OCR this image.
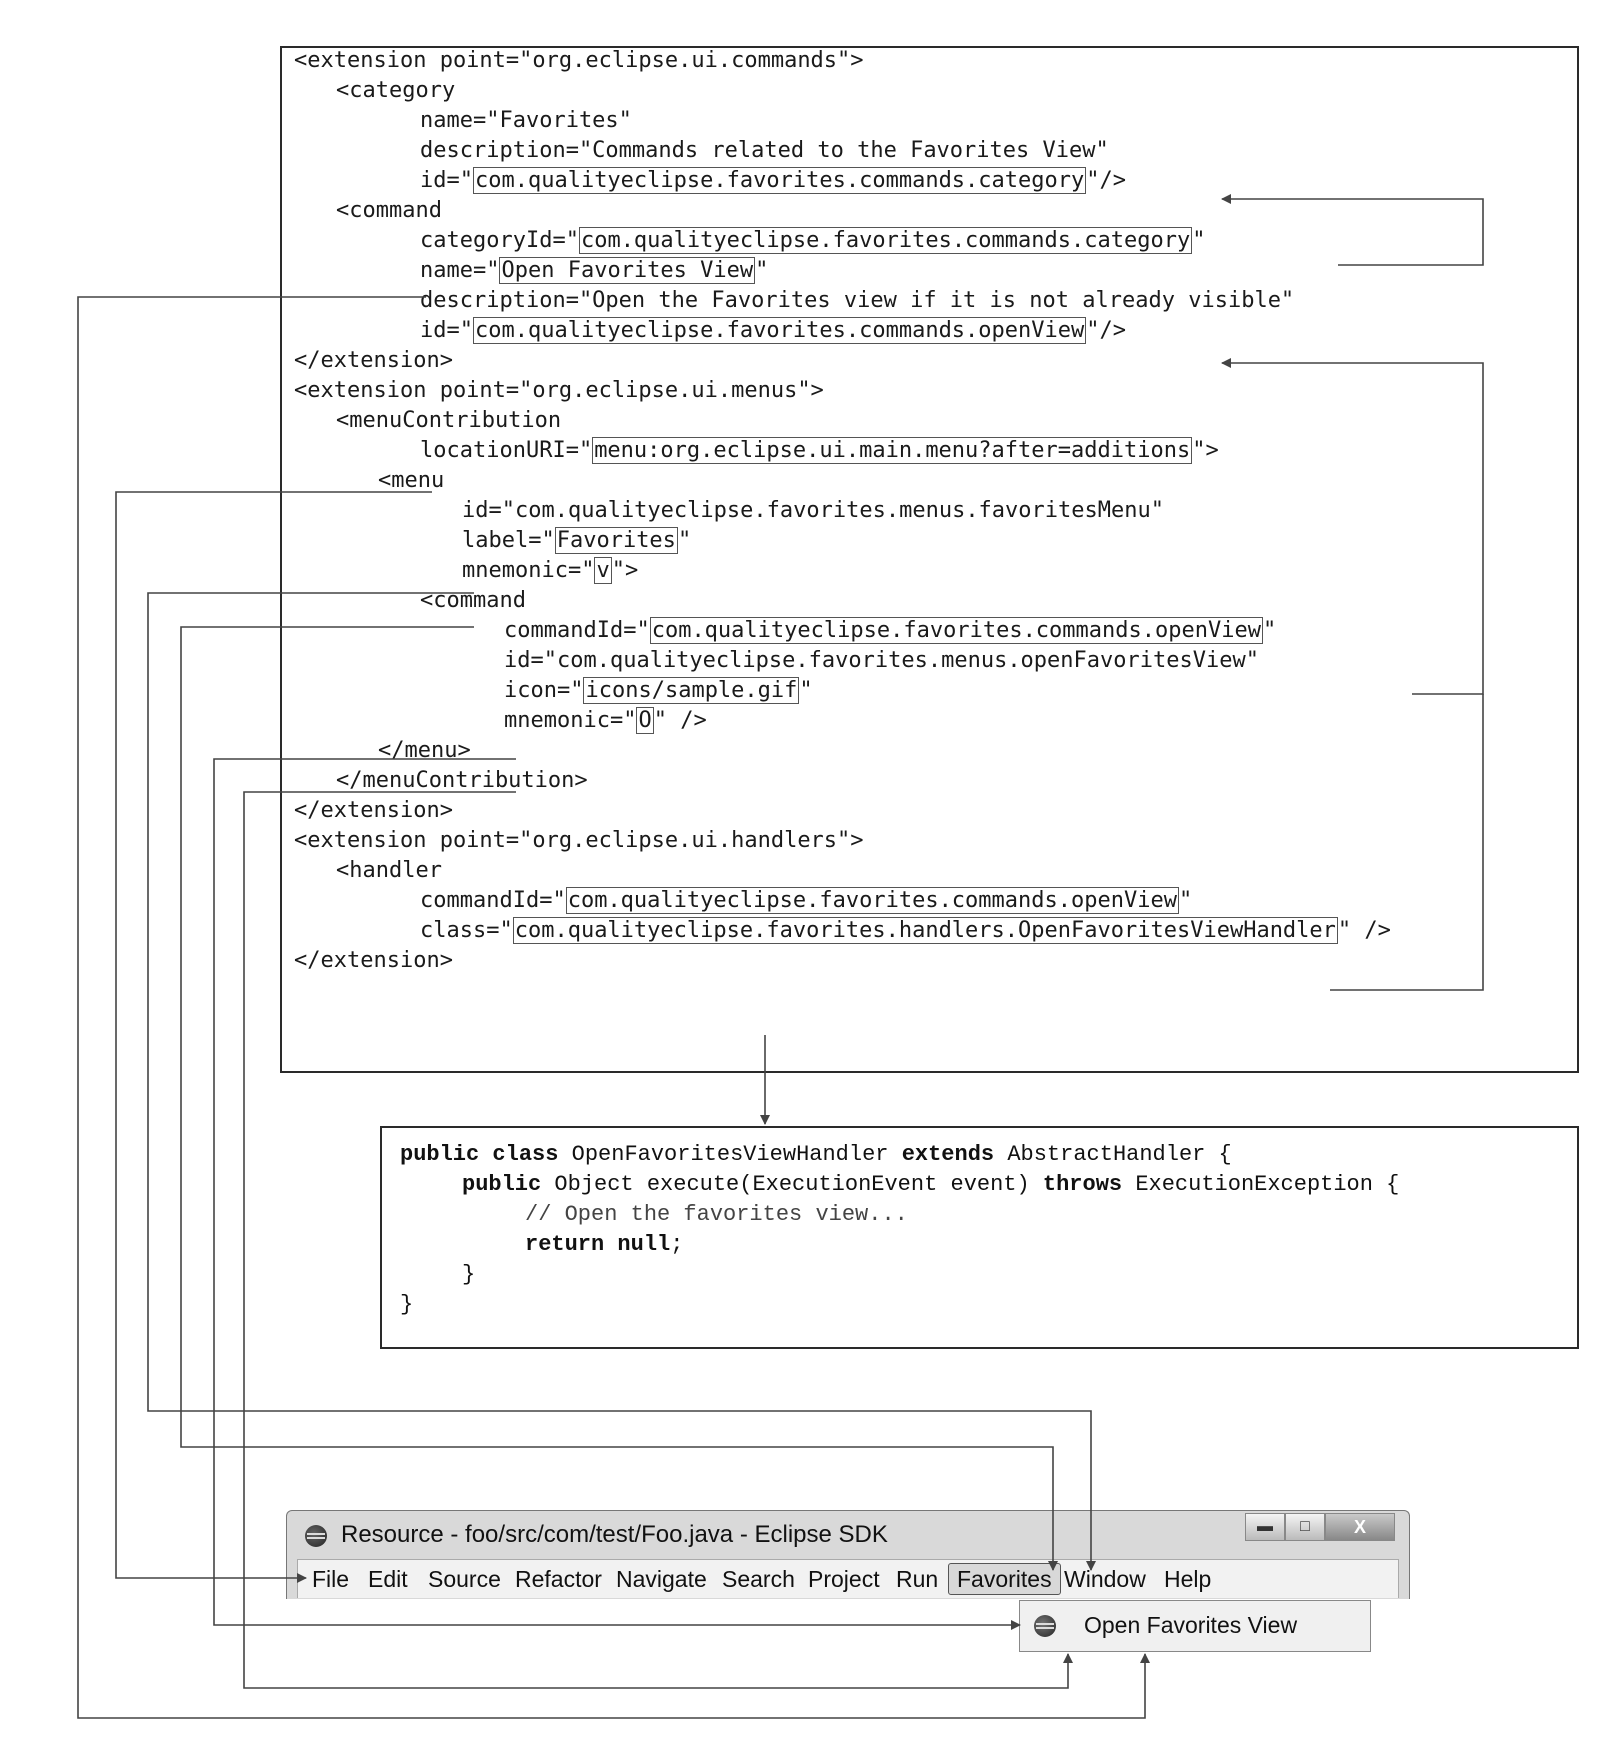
<extension point="org.eclipse.ui.commands">
<category
name="Favorites"
description="Commands related to the Favorites View"
id="com.qualityeclipse.favorites.commands.category"/>
<command
categoryId="com.qualityeclipse.favorites.commands.category"
name="Open Favorites View"
description="Open the Favorites view if it is not already visible"
id="com.qualityeclipse.favorites.commands.openView"/>
</extension>
<extension point="org.eclipse.ui.menus">
<menuContribution
locationURI="menu:org.eclipse.ui.main.menu?after=additions">
<menu
id="com.qualityeclipse.favorites.menus.favoritesMenu"
label="Favorites"
mnemonic="v">
<command
commandId="com.qualityeclipse.favorites.commands.openView"
id="com.qualityeclipse.favorites.menus.openFavoritesView"
icon="icons/sample.gif"
mnemonic="O" />
</menu>
</menuContribution>
</extension>
<extension point="org.eclipse.ui.handlers">
<handler
commandId="com.qualityeclipse.favorites.commands.openView"
class="com.qualityeclipse.favorites.handlers.OpenFavoritesViewHandler" />
</extension>
public class OpenFavoritesViewHandler extends AbstractHandler {
public Object execute(ExecutionEvent event) throws ExecutionException {
// Open the favorites view...
return null;
}
}
Resource - foo/src/com/test/Foo.java - Eclipse SDK	▬ □ X
File Edit Source Refactor Navigate Search Project Run Favorites Window Help
Open Favorites View
